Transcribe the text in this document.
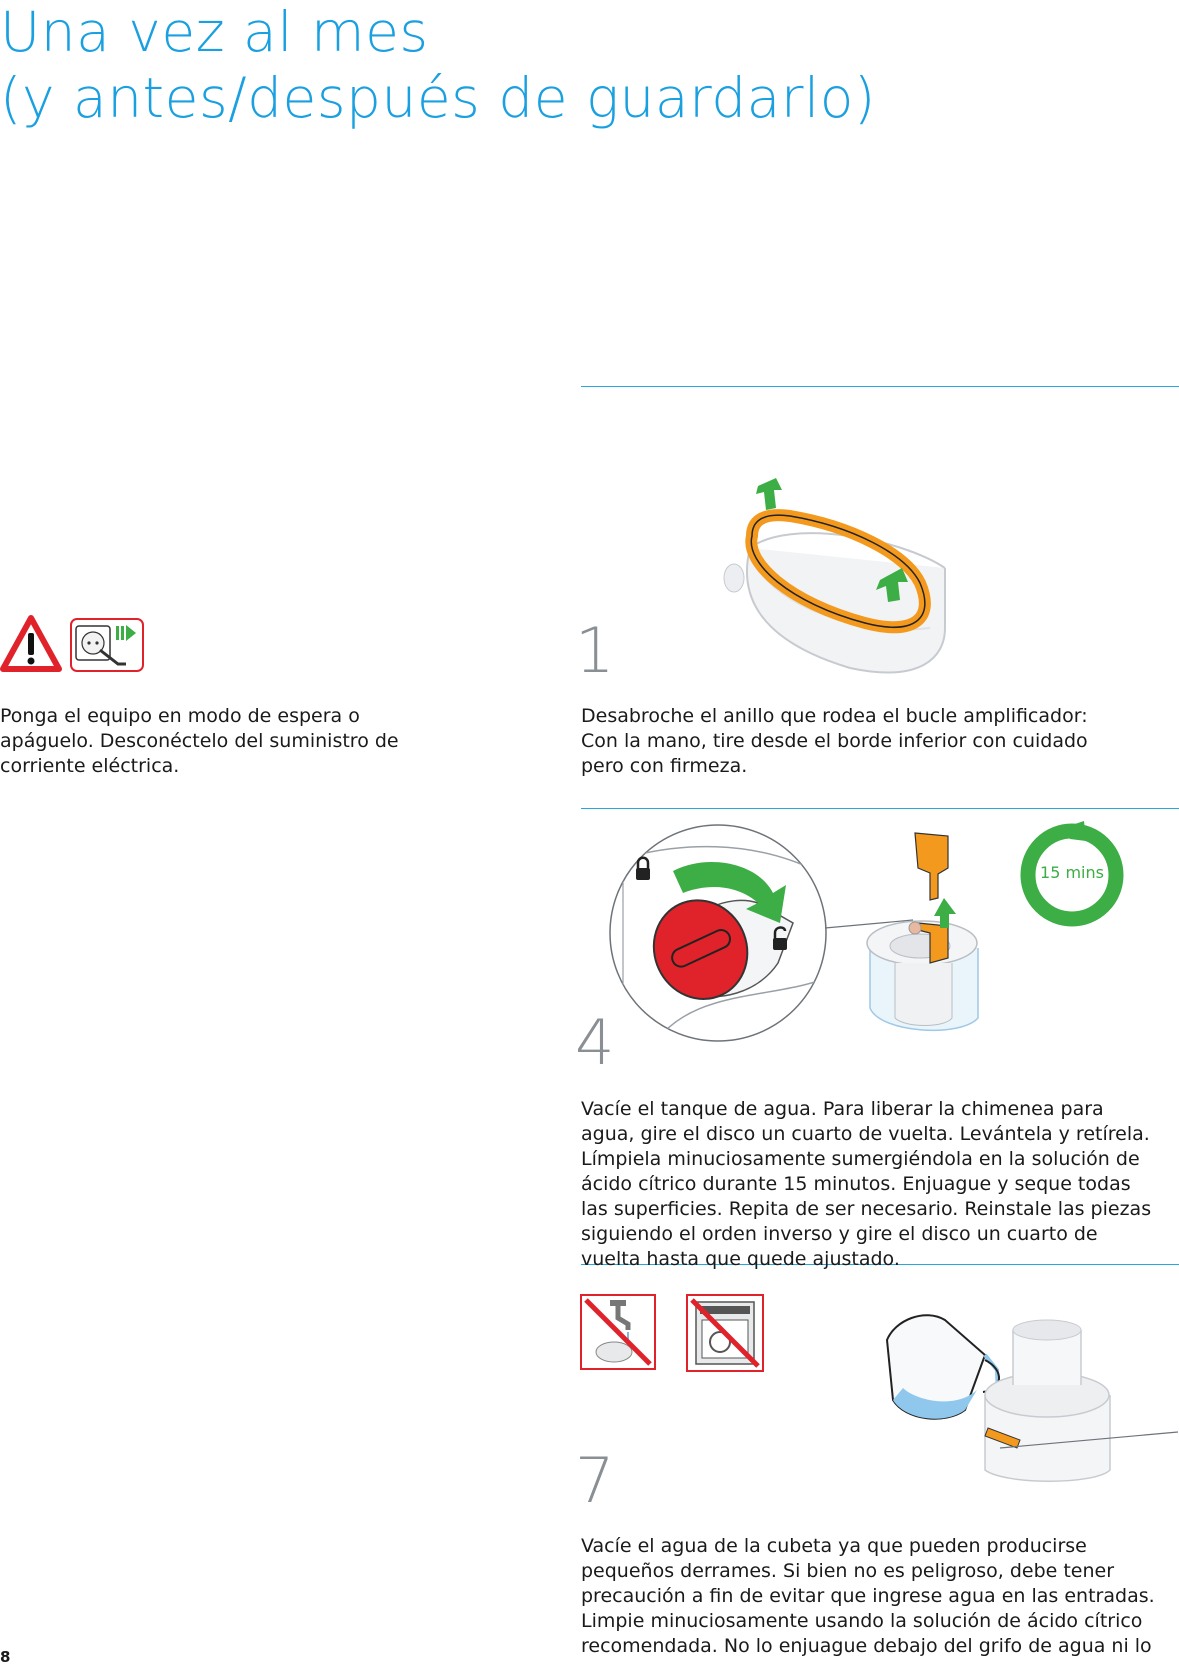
Una vez al mes
(y antes/después de guardarlo)

Ponga el equipo en modo de espera o apáguelo. Desconéctelo del suministro de corriente eléctrica.

1

Desabroche el anillo que rodea el bucle amplificador: Con la mano, tire desde el borde inferior con cuidado pero con firmeza.

15 mins
4

Vacíe el tanque de agua. Para liberar la chimenea para agua, gire el disco un cuarto de vuelta. Levántela y retírela. Límpiela minuciosamente sumergiéndola en la solución de ácido cítrico durante 15 minutos. Enjuague y seque todas las superficies. Repita de ser necesario. Reinstale las piezas siguiendo el orden inverso y gire el disco un cuarto de vuelta hasta que quede ajustado.

7

Vacíe el agua de la cubeta ya que pueden producirse pequeños derrames. Si bien no es peligroso, debe tener precaución a fin de evitar que ingrese agua en las entradas. Limpie minuciosamente usando la solución de ácido cítrico recomendada. No lo enjuague debajo del grifo de agua ni lo

8
